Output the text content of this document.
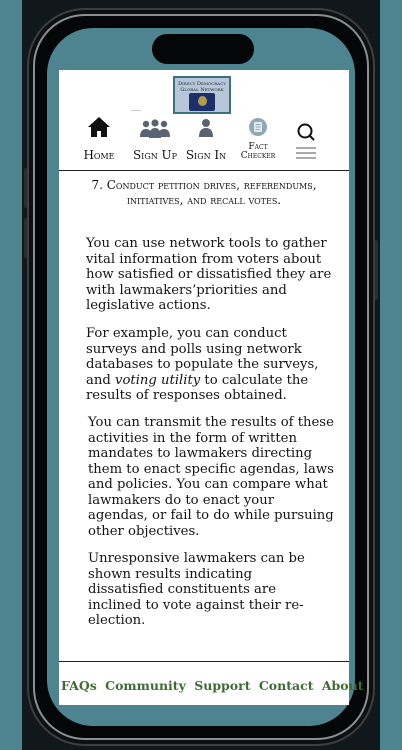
Direct Democracy Global Network
Home	Sign Up Sign In
Fact
Checker
7. Conduct petition drives, referendums, initiatives, and recall votes.
You can use network tools to gather vital information from voters about how satisfied or dissatisfied they are with lawmakers’priorities and legislative actions.
For example, you can conduct surveys and polls using network databases to populate the surveys, and voting utility to calculate the results of responses obtained.
You can transmit the results of these activities in the form of written mandates to lawmakers directing them to enact specific agendas, laws and policies. You can compare what lawmakers do to enact your agendas, or fail to do while pursuing other objectives.
Unresponsive lawmakers can be shown results indicating dissatisfied constituents are inclined to vote against their re-election.
FAQs Community Support Contact About
